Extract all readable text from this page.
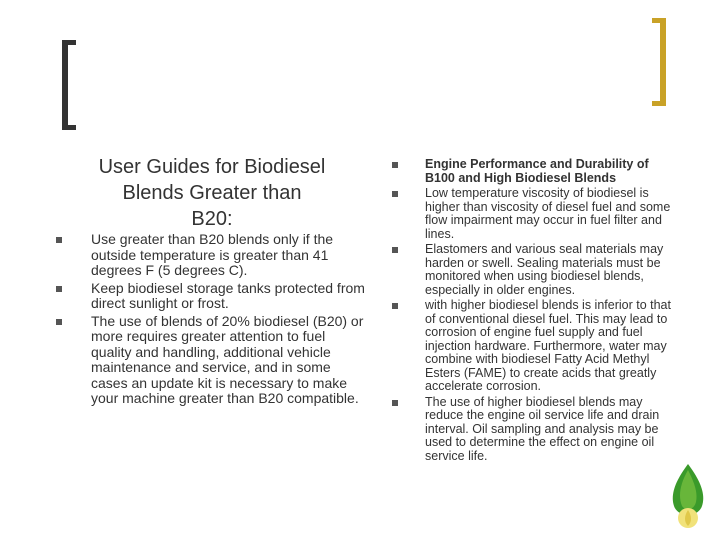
User Guides for Biodiesel
Blends Greater than
B20:
Use greater than B20 blends only if the outside temperature is greater than 41 degrees F (5 degrees C).
Keep biodiesel storage tanks protected from direct sunlight or frost.
The use of blends of 20% biodiesel (B20) or more requires greater attention to fuel quality and handling, additional vehicle maintenance and service, and in some cases an update kit is necessary to make your machine greater than B20 compatible.
Engine Performance and Durability of B100 and High Biodiesel Blends
Low temperature viscosity of biodiesel is higher than viscosity of diesel fuel and some flow impairment may occur in fuel filter and lines.
Elastomers and various seal materials may harden or swell. Sealing materials must be monitored when using biodiesel blends, especially in older engines.
with higher biodiesel blends is inferior to that of conventional diesel fuel. This may lead to corrosion of engine fuel supply and fuel injection hardware. Furthermore, water may combine with biodiesel Fatty Acid Methyl Esters (FAME) to create acids that greatly accelerate corrosion.
The use of higher biodiesel blends may reduce the engine oil service life and drain interval. Oil sampling and analysis may be used to determine the effect on engine oil service life.
